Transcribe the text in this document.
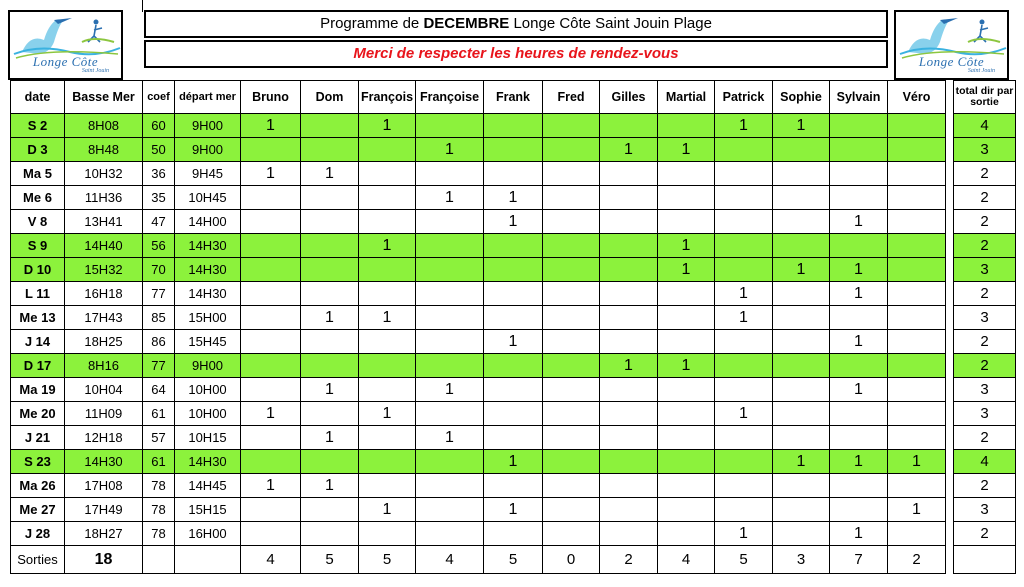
Longe Côte
Saint Jouin
Longe Côte
Saint Jouin
Programme de DECEMBRE Longe Côte Saint Jouin Plage
Merci de respecter les heures de rendez-vous
date	Basse Mer	coef	départ mer	Bruno	Dom	François	Françoise	Frank	Fred	Gilles	Martial	Patrick	Sophie	Sylvain	Véro		total dir par sortie
S 2	8H08	60	9H00	1		1						1	1				4
D 3	8H48	50	9H00				1			1	1						3
Ma 5	10H32	36	9H45	1	1												2
Me 6	11H36	35	10H45				1	1									2
V 8	13H41	47	14H00					1						1			2
S 9	14H40	56	14H30			1					1						2
D 10	15H32	70	14H30								1		1	1			3
L 11	16H18	77	14H30									1		1			2
Me 13	17H43	85	15H00		1	1						1					3
J 14	18H25	86	15H45					1						1			2
D 17	8H16	77	9H00							1	1						2
Ma 19	10H04	64	10H00		1		1							1			3
Me 20	11H09	61	10H00	1		1						1					3
J 21	12H18	57	10H15		1		1										2
S 23	14H30	61	14H30					1					1	1	1		4
Ma 26	17H08	78	14H45	1	1												2
Me 27	17H49	78	15H15			1		1							1		3
J 28	18H27	78	16H00									1		1			2
Sorties	18			4	5	5	4	5	0	2	4	5	3	7	2		
